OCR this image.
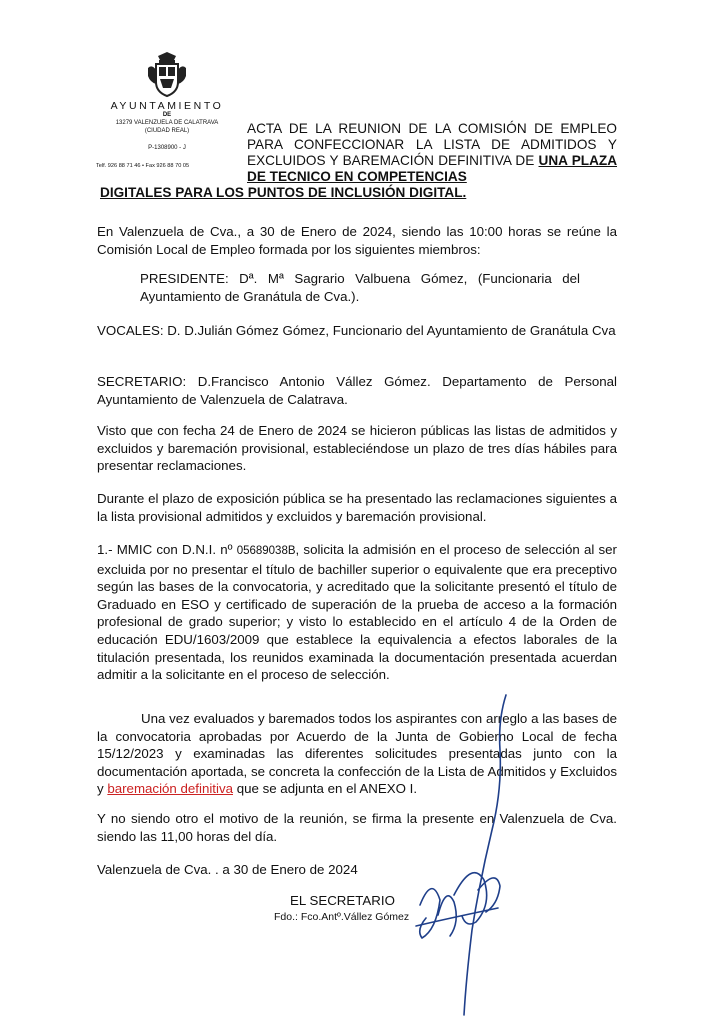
AYUNTAMIENTO
DE
13279 VALENZUELA DE CALATRAVA
(CIUDAD REAL)
P-1308900 - J
Telf. 926 88 71 46 • Fax 926 88 70 05
ACTA DE LA REUNION DE LA COMISIÓN DE EMPLEO PARA CONFECCIONAR LA LISTA DE ADMITIDOS Y EXCLUIDOS Y BAREMACIÓN DEFINITIVA DE UNA PLAZA DE TECNICO EN COMPETENCIAS
DIGITALES PARA LOS PUNTOS DE INCLUSIÓN DIGITAL.

En Valenzuela de Cva., a 30 de Enero de 2024, siendo las 10:00 horas se reúne la Comisión Local de Empleo formada por los siguientes miembros:

PRESIDENTE: Dª. Mª Sagrario Valbuena Gómez, (Funcionaria del Ayuntamiento de Granátula de Cva.).

VOCALES: D. D.Julián Gómez Gómez, Funcionario del Ayuntamiento de Granátula Cva

SECRETARIO: D.Francisco Antonio Vállez Gómez. Departamento de Personal Ayuntamiento de Valenzuela de Calatrava.

Visto que con fecha 24 de Enero de 2024 se hicieron públicas las listas de admitidos y excluidos y baremación provisional, estableciéndose un plazo de tres días hábiles para presentar reclamaciones.

Durante el plazo de exposición pública se ha presentado las reclamaciones siguientes a la lista provisional admitidos y excluidos y baremación provisional.

1.- MMIC con D.N.I. nº 05689038B, solicita la admisión en el proceso de selección al ser excluida por no presentar el título de bachiller superior o equivalente que era preceptivo según las bases de la convocatoria, y acreditado que la solicitante presentó el título de Graduado en ESO y certificado de superación de la prueba de acceso a la formación profesional de grado superior; y visto lo establecido en el artículo 4 de la Orden de educación EDU/1603/2009 que establece la equivalencia a efectos laborales de la titulación presentada, los reunidos examinada la documentación presentada acuerdan admitir a la solicitante en el proceso de selección.

Una vez evaluados y baremados todos los aspirantes con arreglo a las bases de la convocatoria aprobadas por Acuerdo de la Junta de Gobierno Local de fecha 15/12/2023 y examinadas las diferentes solicitudes presentadas junto con la documentación aportada, se concreta la confección de la Lista de Admitidos y Excluidos y baremación definitiva que se adjunta en el ANEXO I.

Y no siendo otro el motivo de la reunión, se firma la presente en Valenzuela de Cva. siendo las 11,00 horas del día.

Valenzuela de Cva. . a 30 de Enero de 2024
EL SECRETARIO
Fdo.: Fco.Antº.Vállez Gómez
